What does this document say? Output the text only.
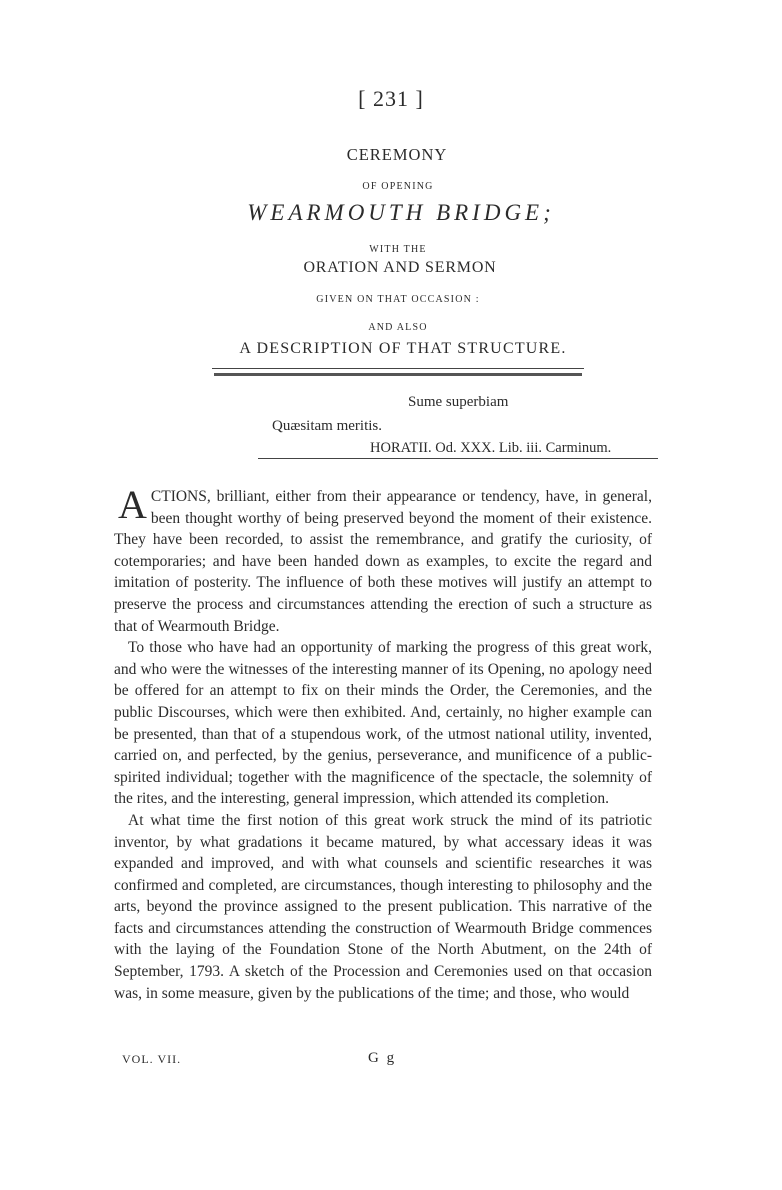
[ 231 ]
CEREMONY
OF OPENING
WEARMOUTH BRIDGE;
WITH THE
ORATION AND SERMON
GIVEN ON THAT OCCASION :
AND ALSO
A DESCRIPTION OF THAT STRUCTURE.
Sume superbiam
Quæsitam meritis.
HORATII. Od. XXX. Lib. iii. Carminum.

ACTIONS, brilliant, either from their appearance or tendency, have, in general, been thought worthy of being preserved beyond the moment of their existence. They have been recorded, to assist the remembrance, and gratify the curiosity, of cotemporaries; and have been handed down as examples, to excite the regard and imitation of posterity. The influence of both these motives will justify an attempt to preserve the process and circumstances attending the erection of such a structure as that of Wearmouth Bridge.

To those who have had an opportunity of marking the progress of this great work, and who were the witnesses of the interesting manner of its Opening, no apology need be offered for an attempt to fix on their minds the Order, the Ceremonies, and the public Discourses, which were then exhibited. And, certainly, no higher example can be presented, than that of a stupendous work, of the utmost national utility, invented, carried on, and perfected, by the genius, perseverance, and munificence of a public-spirited individual; together with the magnificence of the spectacle, the solemnity of the rites, and the interesting, general impression, which attended its completion.

At what time the first notion of this great work struck the mind of its patriotic inventor, by what gradations it became matured, by what accessary ideas it was expanded and improved, and with what counsels and scientific researches it was confirmed and completed, are circumstances, though interesting to philosophy and the arts, beyond the province assigned to the present publication. This narrative of the facts and circumstances attending the construction of Wearmouth Bridge commences with the laying of the Foundation Stone of the North Abutment, on the 24th of September, 1793. A sketch of the Procession and Ceremonies used on that occasion was, in some measure, given by the publications of the time; and those, who would

VOL. VII.	G g
